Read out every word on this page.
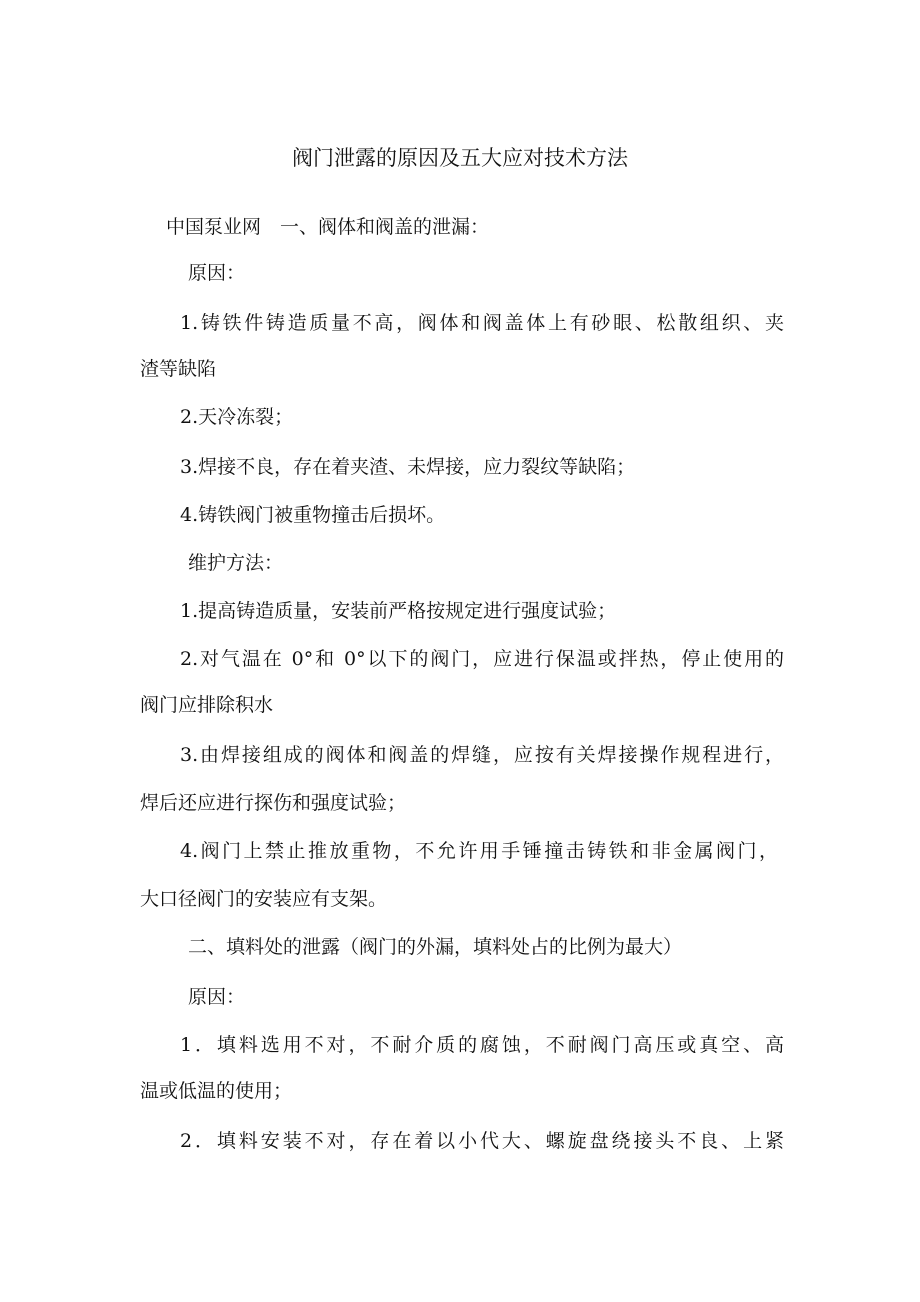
阀门泄露的原因及五大应对技术方法
中国泵业网　一、阀体和阀盖的泄漏：
原因：
1.铸铁件铸造质量不高，阀体和阀盖体上有砂眼、松散组织、夹
渣等缺陷
2.天冷冻裂；
3.焊接不良，存在着夹渣、未焊接，应力裂纹等缺陷；
4.铸铁阀门被重物撞击后损坏。
维护方法：
1.提高铸造质量，安装前严格按规定进行强度试验；
2.对气温在 0°和 0°以下的阀门，应进行保温或拌热，停止使用的
阀门应排除积水
3.由焊接组成的阀体和阀盖的焊缝，应按有关焊接操作规程进行，
焊后还应进行探伤和强度试验；
4.阀门上禁止推放重物，不允许用手锤撞击铸铁和非金属阀门，
大口径阀门的安装应有支架。
二、填料处的泄露（阀门的外漏，填料处占的比例为最大）
原因：
1．填料选用不对，不耐介质的腐蚀，不耐阀门高压或真空、高
温或低温的使用；
2．填料安装不对，存在着以小代大、螺旋盘绕接头不良、上紧
